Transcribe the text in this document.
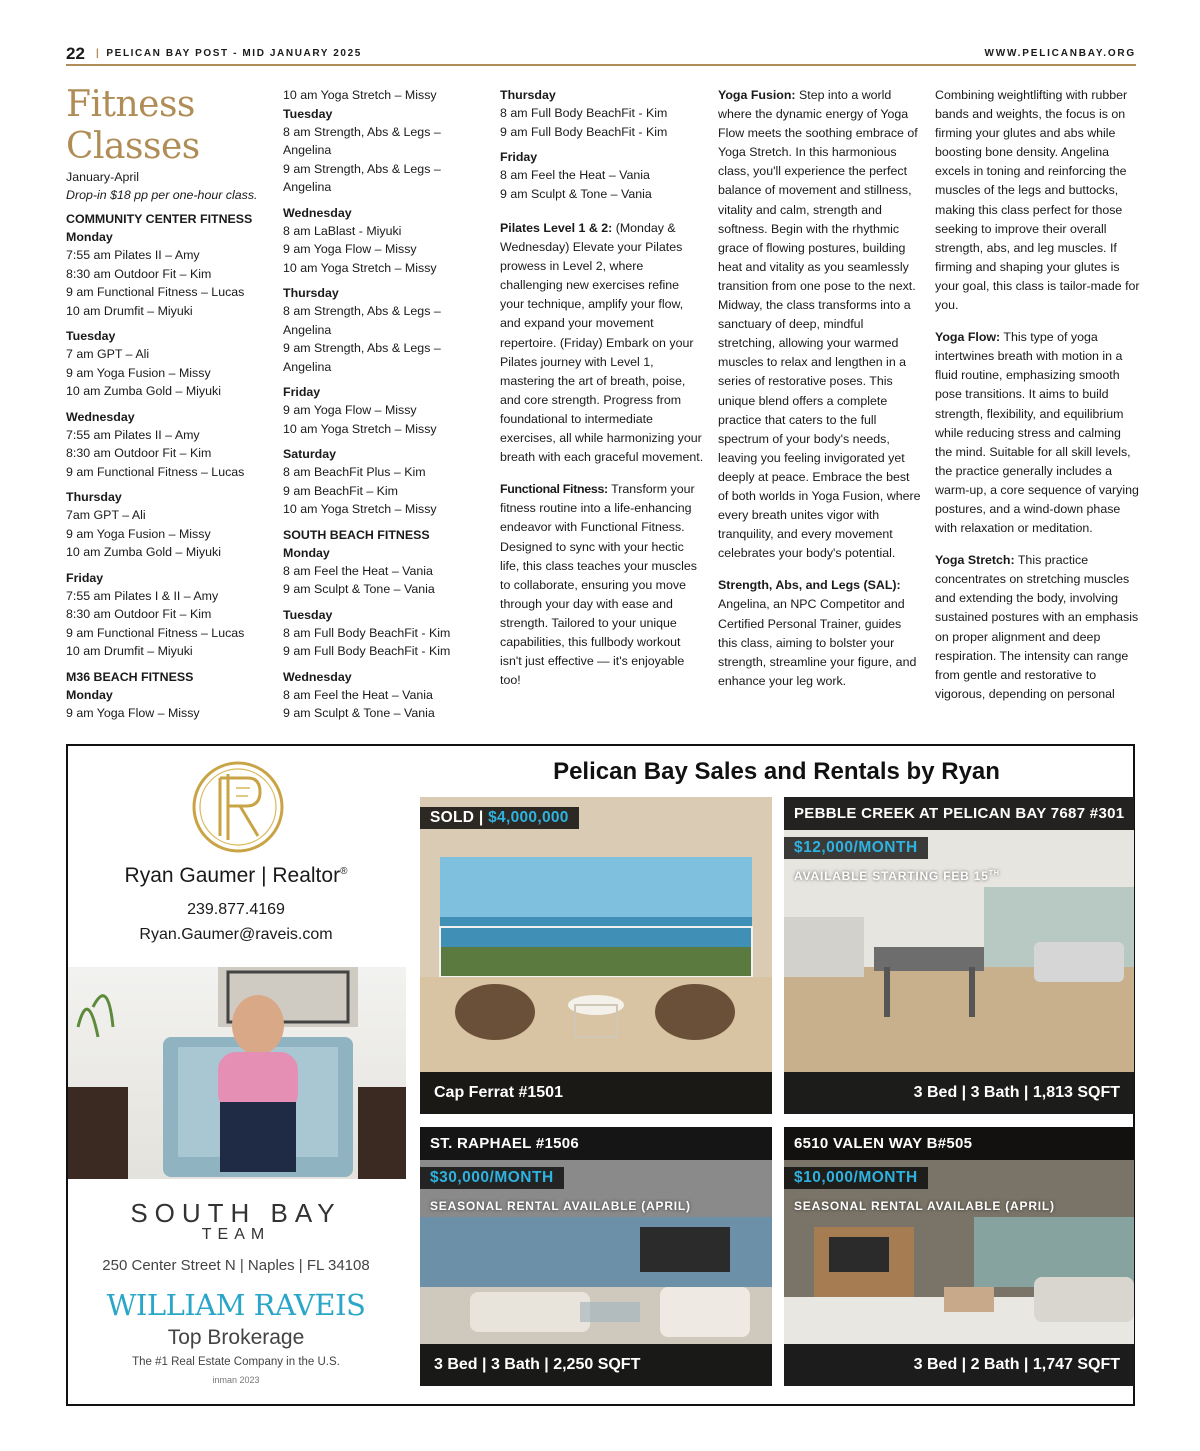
22 | PELICAN BAY POST - MID JANUARY 2025	WWW.PELICANBAY.ORG
Fitness
Classes
January-April
Drop-in $18 pp per one-hour class.
COMMUNITY CENTER FITNESS
Monday
7:55 am Pilates II – Amy
8:30 am Outdoor Fit – Kim
9 am Functional Fitness – Lucas
10 am Drumfit – Miyuki
Tuesday
7 am GPT – Ali
9 am Yoga Fusion – Missy
10 am Zumba Gold – Miyuki
Wednesday
7:55 am Pilates II – Amy
8:30 am Outdoor Fit – Kim
9 am Functional Fitness – Lucas
Thursday
7am GPT – Ali
9 am Yoga Fusion – Missy
10 am Zumba Gold – Miyuki
Friday
7:55 am Pilates I & II – Amy
8:30 am Outdoor Fit – Kim
9 am Functional Fitness – Lucas
10 am Drumfit – Miyuki
M36 BEACH FITNESS
Monday
9 am Yoga Flow – Missy
10 am Yoga Stretch – Missy
Tuesday
8 am Strength, Abs & Legs – Angelina
9 am Strength, Abs & Legs – Angelina
Wednesday
8 am LaBlast - Miyuki
9 am Yoga Flow – Missy
10 am Yoga Stretch – Missy
Thursday
8 am Strength, Abs & Legs – Angelina
9 am Strength, Abs & Legs – Angelina
Friday
9 am Yoga Flow – Missy
10 am Yoga Stretch – Missy
Saturday
8 am BeachFit Plus – Kim
9 am BeachFit – Kim
10 am Yoga Stretch – Missy
SOUTH BEACH FITNESS
Monday
8 am Feel the Heat – Vania
9 am Sculpt & Tone – Vania
Tuesday
8 am Full Body BeachFit - Kim
9 am Full Body BeachFit - Kim
Wednesday
8 am Feel the Heat – Vania
9 am Sculpt & Tone – Vania
Thursday
8 am Full Body BeachFit - Kim
9 am Full Body BeachFit - Kim
Friday
8 am Feel the Heat – Vania
9 am Sculpt & Tone – Vania

Pilates Level 1 & 2: (Monday & Wednesday) Elevate your Pilates prowess in Level 2, where challenging new exercises refine your technique, amplify your flow, and expand your movement repertoire. (Friday) Embark on your Pilates journey with Level 1, mastering the art of breath, poise, and core strength. Progress from foundational to intermediate exercises, all while harmonizing your breath with each graceful movement.

Functional Fitness: Transform your fitness routine into a life-enhancing endeavor with Functional Fitness. Designed to sync with your hectic life, this class teaches your muscles to collaborate, ensuring you move through your day with ease and strength. Tailored to your unique capabilities, this fullbody workout isn't just effective — it's enjoyable too!

Yoga Fusion: Step into a world where the dynamic energy of Yoga Flow meets the soothing embrace of Yoga Stretch. In this harmonious class, you'll experience the perfect balance of movement and stillness, vitality and calm, strength and softness. Begin with the rhythmic grace of flowing postures, building heat and vitality as you seamlessly transition from one pose to the next. Midway, the class transforms into a sanctuary of deep, mindful stretching, allowing your warmed muscles to relax and lengthen in a series of restorative poses. This unique blend offers a complete practice that caters to the full spectrum of your body's needs, leaving you feeling invigorated yet deeply at peace. Embrace the best of both worlds in Yoga Fusion, where every breath unites vigor with tranquility, and every movement celebrates your body's potential.

Strength, Abs, and Legs (SAL): Angelina, an NPC Competitor and Certified Personal Trainer, guides this class, aiming to bolster your strength, streamline your figure, and enhance your leg work.

Combining weightlifting with rubber bands and weights, the focus is on firming your glutes and abs while boosting bone density. Angelina excels in toning and reinforcing the muscles of the legs and buttocks, making this class perfect for those seeking to improve their overall strength, abs, and leg muscles. If firming and shaping your glutes is your goal, this class is tailor-made for you.

Yoga Flow: This type of yoga intertwines breath with motion in a fluid routine, emphasizing smooth pose transitions. It aims to build strength, flexibility, and equilibrium while reducing stress and calming the mind. Suitable for all skill levels, the practice generally includes a warm-up, a core sequence of varying postures, and a wind-down phase with relaxation or meditation.

Yoga Stretch: This practice concentrates on stretching muscles and extending the body, involving sustained postures with an emphasis on proper alignment and deep respiration. The intensity can range from gentle and restorative to vigorous, depending on personal

Pelican Bay Sales and Rentals by Ryan
Ryan Gaumer | Realtor®
239.877.4169
Ryan.Gaumer@raveis.com
SOUTH BAY
TEAM
250 Center Street N | Naples | FL 34108
WILLIAM RAVEIS
Top Brokerage
The #1 Real Estate Company in the U.S.
inman 2023
SOLD | $4,000,000
Cap Ferrat #1501
PEBBLE CREEK AT PELICAN BAY 7687 #301
$12,000/MONTH
AVAILABLE STARTING FEB 15TH
3 Bed | 3 Bath | 1,813 SQFT
ST. RAPHAEL #1506
$30,000/MONTH
SEASONAL RENTAL AVAILABLE (APRIL)
3 Bed | 3 Bath | 2,250 SQFT
6510 VALEN WAY B#505
$10,000/MONTH
SEASONAL RENTAL AVAILABLE (APRIL)
3 Bed | 2 Bath | 1,747 SQFT
